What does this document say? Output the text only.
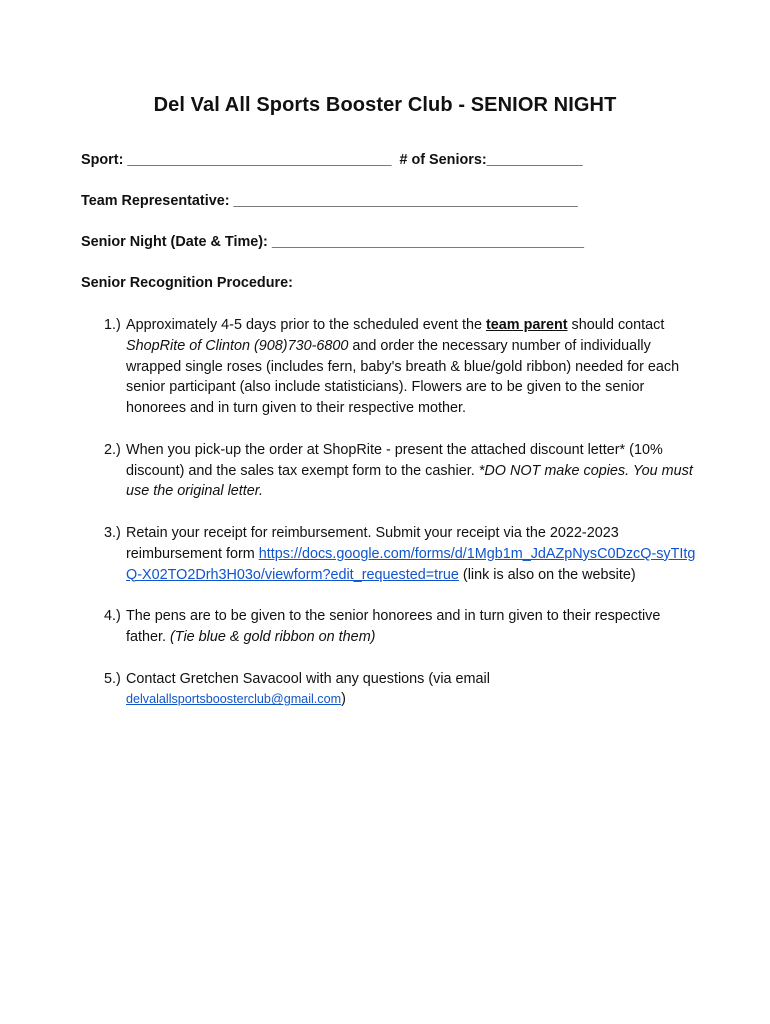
Del Val All Sports Booster Club - SENIOR NIGHT
Sport: _________________________________  # of Seniors:____________
Team Representative: ___________________________________________
Senior Night (Date & Time): _______________________________________
Senior Recognition Procedure:
1.) Approximately 4-5 days prior to the scheduled event the team parent should contact ShopRite of Clinton (908)730-6800 and order the necessary number of individually wrapped single roses (includes fern, baby's breath & blue/gold ribbon) needed for each senior participant (also include statisticians). Flowers are to be given to the senior honorees and in turn given to their respective mother.
2.) When you pick-up the order at ShopRite - present the attached discount letter* (10% discount) and the sales tax exempt form to the cashier. *DO NOT make copies. You must use the original letter.
3.) Retain your receipt for reimbursement. Submit your receipt via the 2022-2023 reimbursement form https://docs.google.com/forms/d/1Mgb1m_JdAZpNysC0DzcQ-syTItgQ-X02TO2Drh3H03o/viewform?edit_requested=true (link is also on the website)
4.) The pens are to be given to the senior honorees and in turn given to their respective father. (Tie blue & gold ribbon on them)
5.) Contact Gretchen Savacool with any questions (via email
delvalallsportsboosterclub@gmail.com)
